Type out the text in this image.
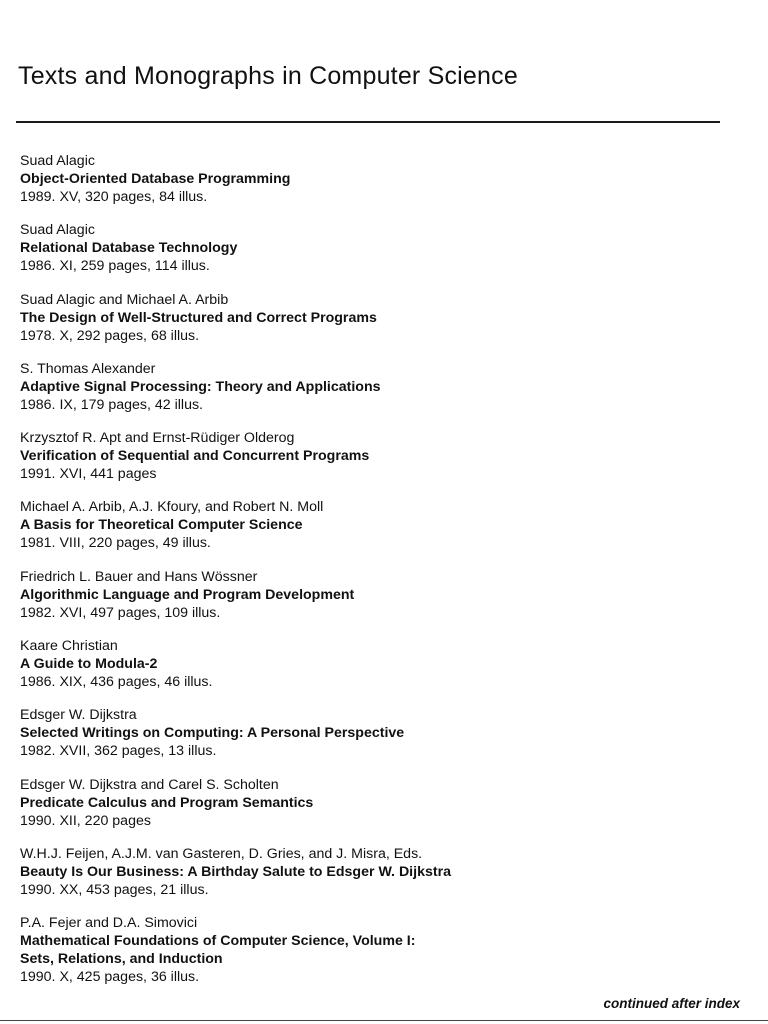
Texts and Monographs in Computer Science
Suad Alagic
Object-Oriented Database Programming
1989. XV, 320 pages, 84 illus.
Suad Alagic
Relational Database Technology
1986. XI, 259 pages, 114 illus.
Suad Alagic and Michael A. Arbib
The Design of Well-Structured and Correct Programs
1978. X, 292 pages, 68 illus.
S. Thomas Alexander
Adaptive Signal Processing: Theory and Applications
1986. IX, 179 pages, 42 illus.
Krzysztof R. Apt and Ernst-Rüdiger Olderog
Verification of Sequential and Concurrent Programs
1991. XVI, 441 pages
Michael A. Arbib, A.J. Kfoury, and Robert N. Moll
A Basis for Theoretical Computer Science
1981. VIII, 220 pages, 49 illus.
Friedrich L. Bauer and Hans Wössner
Algorithmic Language and Program Development
1982. XVI, 497 pages, 109 illus.
Kaare Christian
A Guide to Modula-2
1986. XIX, 436 pages, 46 illus.
Edsger W. Dijkstra
Selected Writings on Computing: A Personal Perspective
1982. XVII, 362 pages, 13 illus.
Edsger W. Dijkstra and Carel S. Scholten
Predicate Calculus and Program Semantics
1990. XII, 220 pages
W.H.J. Feijen, A.J.M. van Gasteren, D. Gries, and J. Misra, Eds.
Beauty Is Our Business: A Birthday Salute to Edsger W. Dijkstra
1990. XX, 453 pages, 21 illus.
P.A. Fejer and D.A. Simovici
Mathematical Foundations of Computer Science, Volume I:
Sets, Relations, and Induction
1990. X, 425 pages, 36 illus.
continued after index
